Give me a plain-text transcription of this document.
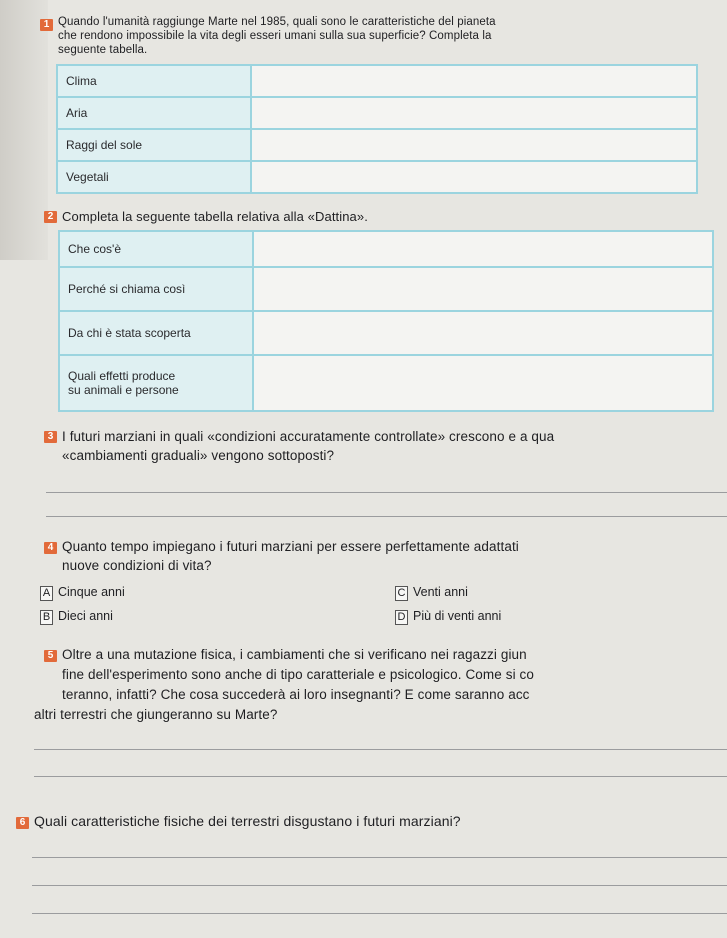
1 Quando l'umanità raggiunge Marte nel 1985, quali sono le caratteristiche del pianeta
che rendono impossibile la vita degli esseri umani sulla sua superficie? Completa la
seguente tabella.
Clima	
Aria	
Raggi del sole	
Vegetali	
2 Completa la seguente tabella relativa alla «Dattina».
Che cos'è	
Perché si chiama così	
Da chi è stata scoperta	

Quali effetti produce
su animali e persone	

3 I futuri marziani in quali «condizioni accuratamente controllate» crescono e a qua
«cambiamenti graduali» vengono sottoposti?
4 Quanto tempo impiegano i futuri marziani per essere perfettamente adattati
nuove condizioni di vita?
A Cinque anni
B Dieci anni
C Venti anni
D Più di venti anni
5 Oltre a una mutazione fisica, i cambiamenti che si verificano nei ragazzi giun
fine dell'esperimento sono anche di tipo caratteriale e psicologico. Come si co
teranno, infatti? Che cosa succederà ai loro insegnanti? E come saranno acc
altri terrestri che giungeranno su Marte?
6 Quali caratteristiche fisiche dei terrestri disgustano i futuri marziani?
